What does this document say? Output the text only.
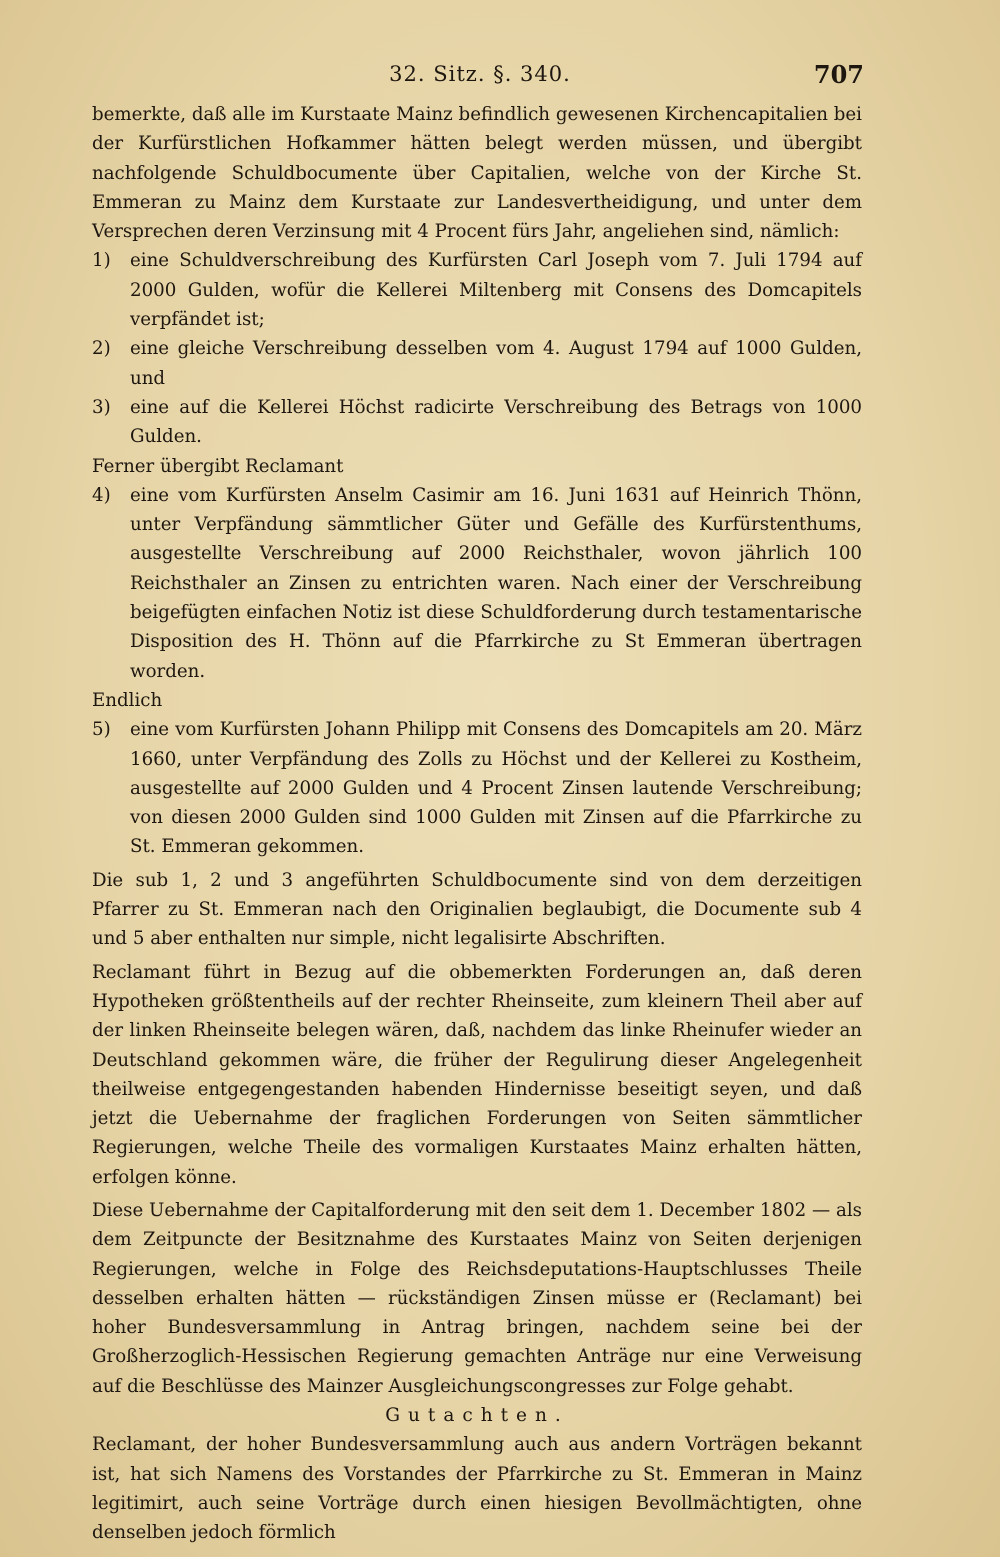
32. Sitz. §. 340.	707

bemerkte, daß alle im Kurstaate Mainz befindlich gewesenen Kirchencapitalien bei der Kurfürstlichen Hofkammer hätten belegt werden müssen, und übergibt nachfolgende Schuldbocumente über Capitalien, welche von der Kirche St. Emmeran zu Mainz dem Kurstaate zur Landesvertheidigung, und unter dem Versprechen deren Verzinsung mit 4 Procent fürs Jahr, angeliehen sind, nämlich:

1) eine Schuldverschreibung des Kurfürsten Carl Joseph vom 7. Juli 1794 auf 2000 Gulden, wofür die Kellerei Miltenberg mit Consens des Domcapitels verpfändet ist;

2) eine gleiche Verschreibung desselben vom 4. August 1794 auf 1000 Gulden, und

3) eine auf die Kellerei Höchst radicirte Verschreibung des Betrags von 1000 Gulden.

Ferner übergibt Reclamant

4) eine vom Kurfürsten Anselm Casimir am 16. Juni 1631 auf Heinrich Thönn, unter Verpfändung sämmtlicher Güter und Gefälle des Kurfürstenthums, ausgestellte Verschreibung auf 2000 Reichsthaler, wovon jährlich 100 Reichsthaler an Zinsen zu entrichten waren. Nach einer der Verschreibung beigefügten einfachen Notiz ist diese Schuldforderung durch testamentarische Disposition des H. Thönn auf die Pfarrkirche zu St Emmeran übertragen worden.

Endlich

5) eine vom Kurfürsten Johann Philipp mit Consens des Domcapitels am 20. März 1660, unter Verpfändung des Zolls zu Höchst und der Kellerei zu Kostheim, ausgestellte auf 2000 Gulden und 4 Procent Zinsen lautende Verschreibung; von diesen 2000 Gulden sind 1000 Gulden mit Zinsen auf die Pfarrkirche zu St. Emmeran gekommen.

Die sub 1, 2 und 3 angeführten Schuldbocumente sind von dem derzeitigen Pfarrer zu St. Emmeran nach den Originalien beglaubigt, die Documente sub 4 und 5 aber enthalten nur simple, nicht legalisirte Abschriften.

Reclamant führt in Bezug auf die obbemerkten Forderungen an, daß deren Hypotheken größtentheils auf der rechter Rheinseite, zum kleinern Theil aber auf der linken Rheinseite belegen wären, daß, nachdem das linke Rheinufer wieder an Deutschland gekommen wäre, die früher der Regulirung dieser Angelegenheit theilweise entgegengestanden habenden Hindernisse beseitigt seyen, und daß jetzt die Uebernahme der fraglichen Forderungen von Seiten sämmtlicher Regierungen, welche Theile des vormaligen Kurstaates Mainz erhalten hätten, erfolgen könne.

Diese Uebernahme der Capitalforderung mit den seit dem 1. December 1802 — als dem Zeitpuncte der Besitznahme des Kurstaates Mainz von Seiten derjenigen Regierungen, welche in Folge des Reichsdeputations-Hauptschlusses Theile desselben erhalten hätten — rückständigen Zinsen müsse er (Reclamant) bei hoher Bundesversammlung in Antrag bringen, nachdem seine bei der Großherzoglich-Hessischen Regierung gemachten Anträge nur eine Verweisung auf die Beschlüsse des Mainzer Ausgleichungscongresses zur Folge gehabt.

Gutachten.

Reclamant, der hoher Bundesversammlung auch aus andern Vorträgen bekannt ist, hat sich Namens des Vorstandes der Pfarrkirche zu St. Emmeran in Mainz legitimirt, auch seine Vorträge durch einen hiesigen Bevollmächtigten, ohne denselben jedoch förmlich
